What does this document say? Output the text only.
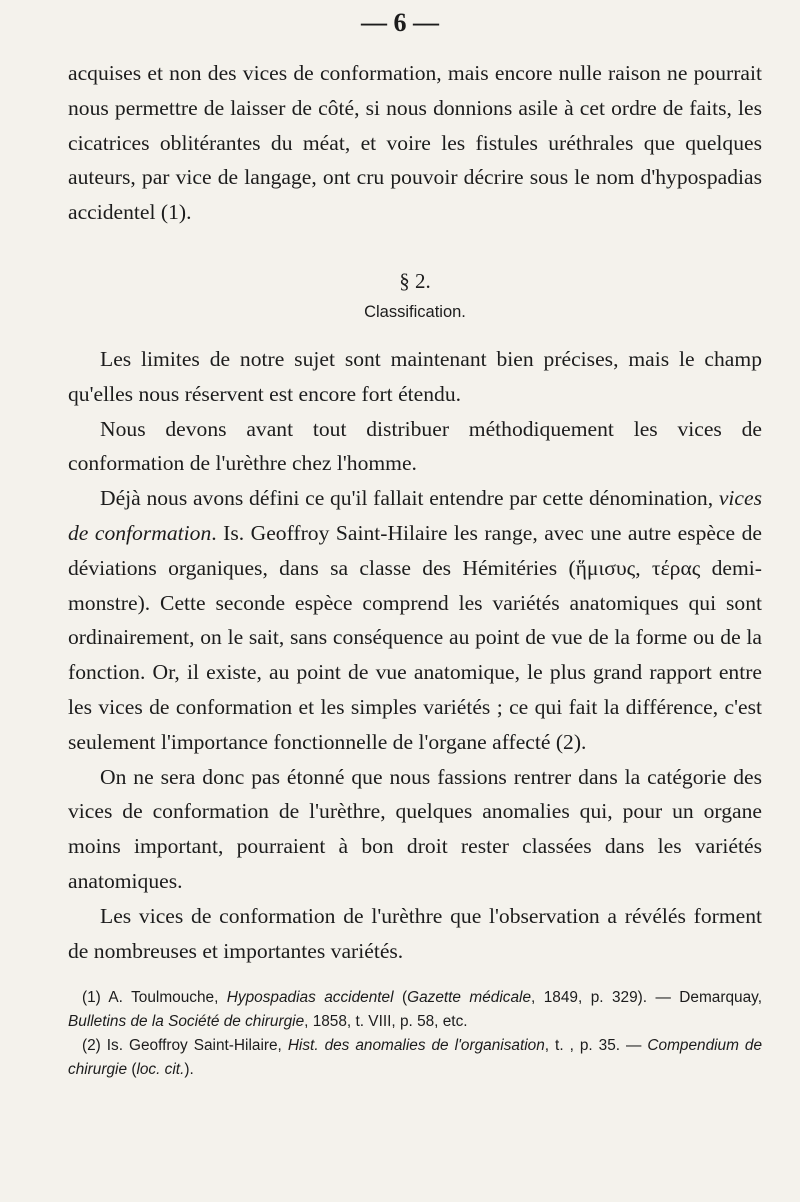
— 6 —

acquises et non des vices de conformation, mais encore nulle raison ne pourrait nous permettre de laisser de côté, si nous donnions asile à cet ordre de faits, les cicatrices oblitérantes du méat, et voire les fistules uréthrales que quelques auteurs, par vice de langage, ont cru pouvoir décrire sous le nom d'hypospadias accidentel (1).

§ 2.
Classification.

Les limites de notre sujet sont maintenant bien précises, mais le champ qu'elles nous réservent est encore fort étendu.

Nous devons avant tout distribuer méthodiquement les vices de conformation de l'urèthre chez l'homme.

Déjà nous avons défini ce qu'il fallait entendre par cette dénomination, vices de conformation. Is. Geoffroy Saint-Hilaire les range, avec une autre espèce de déviations organiques, dans sa classe des Hémitéries (ἥμισυς, τέρας demi-monstre). Cette seconde espèce comprend les variétés anatomiques qui sont ordinairement, on le sait, sans conséquence au point de vue de la forme ou de la fonction. Or, il existe, au point de vue anatomique, le plus grand rapport entre les vices de conformation et les simples variétés ; ce qui fait la différence, c'est seulement l'importance fonctionnelle de l'organe affecté (2).

On ne sera donc pas étonné que nous fassions rentrer dans la catégorie des vices de conformation de l'urèthre, quelques anomalies qui, pour un organe moins important, pourraient à bon droit rester classées dans les variétés anatomiques.

Les vices de conformation de l'urèthre que l'observation a révélés forment de nombreuses et importantes variétés.

(1) A. Toulmouche, Hypospadias accidentel (Gazette médicale, 1849, p. 329). — Demarquay, Bulletins de la Société de chirurgie, 1858, t. VIII, p. 58, etc.

(2) Is. Geoffroy Saint-Hilaire, Hist. des anomalies de l'organisation, t. , p. 35. — Compendium de chirurgie (loc. cit.).
